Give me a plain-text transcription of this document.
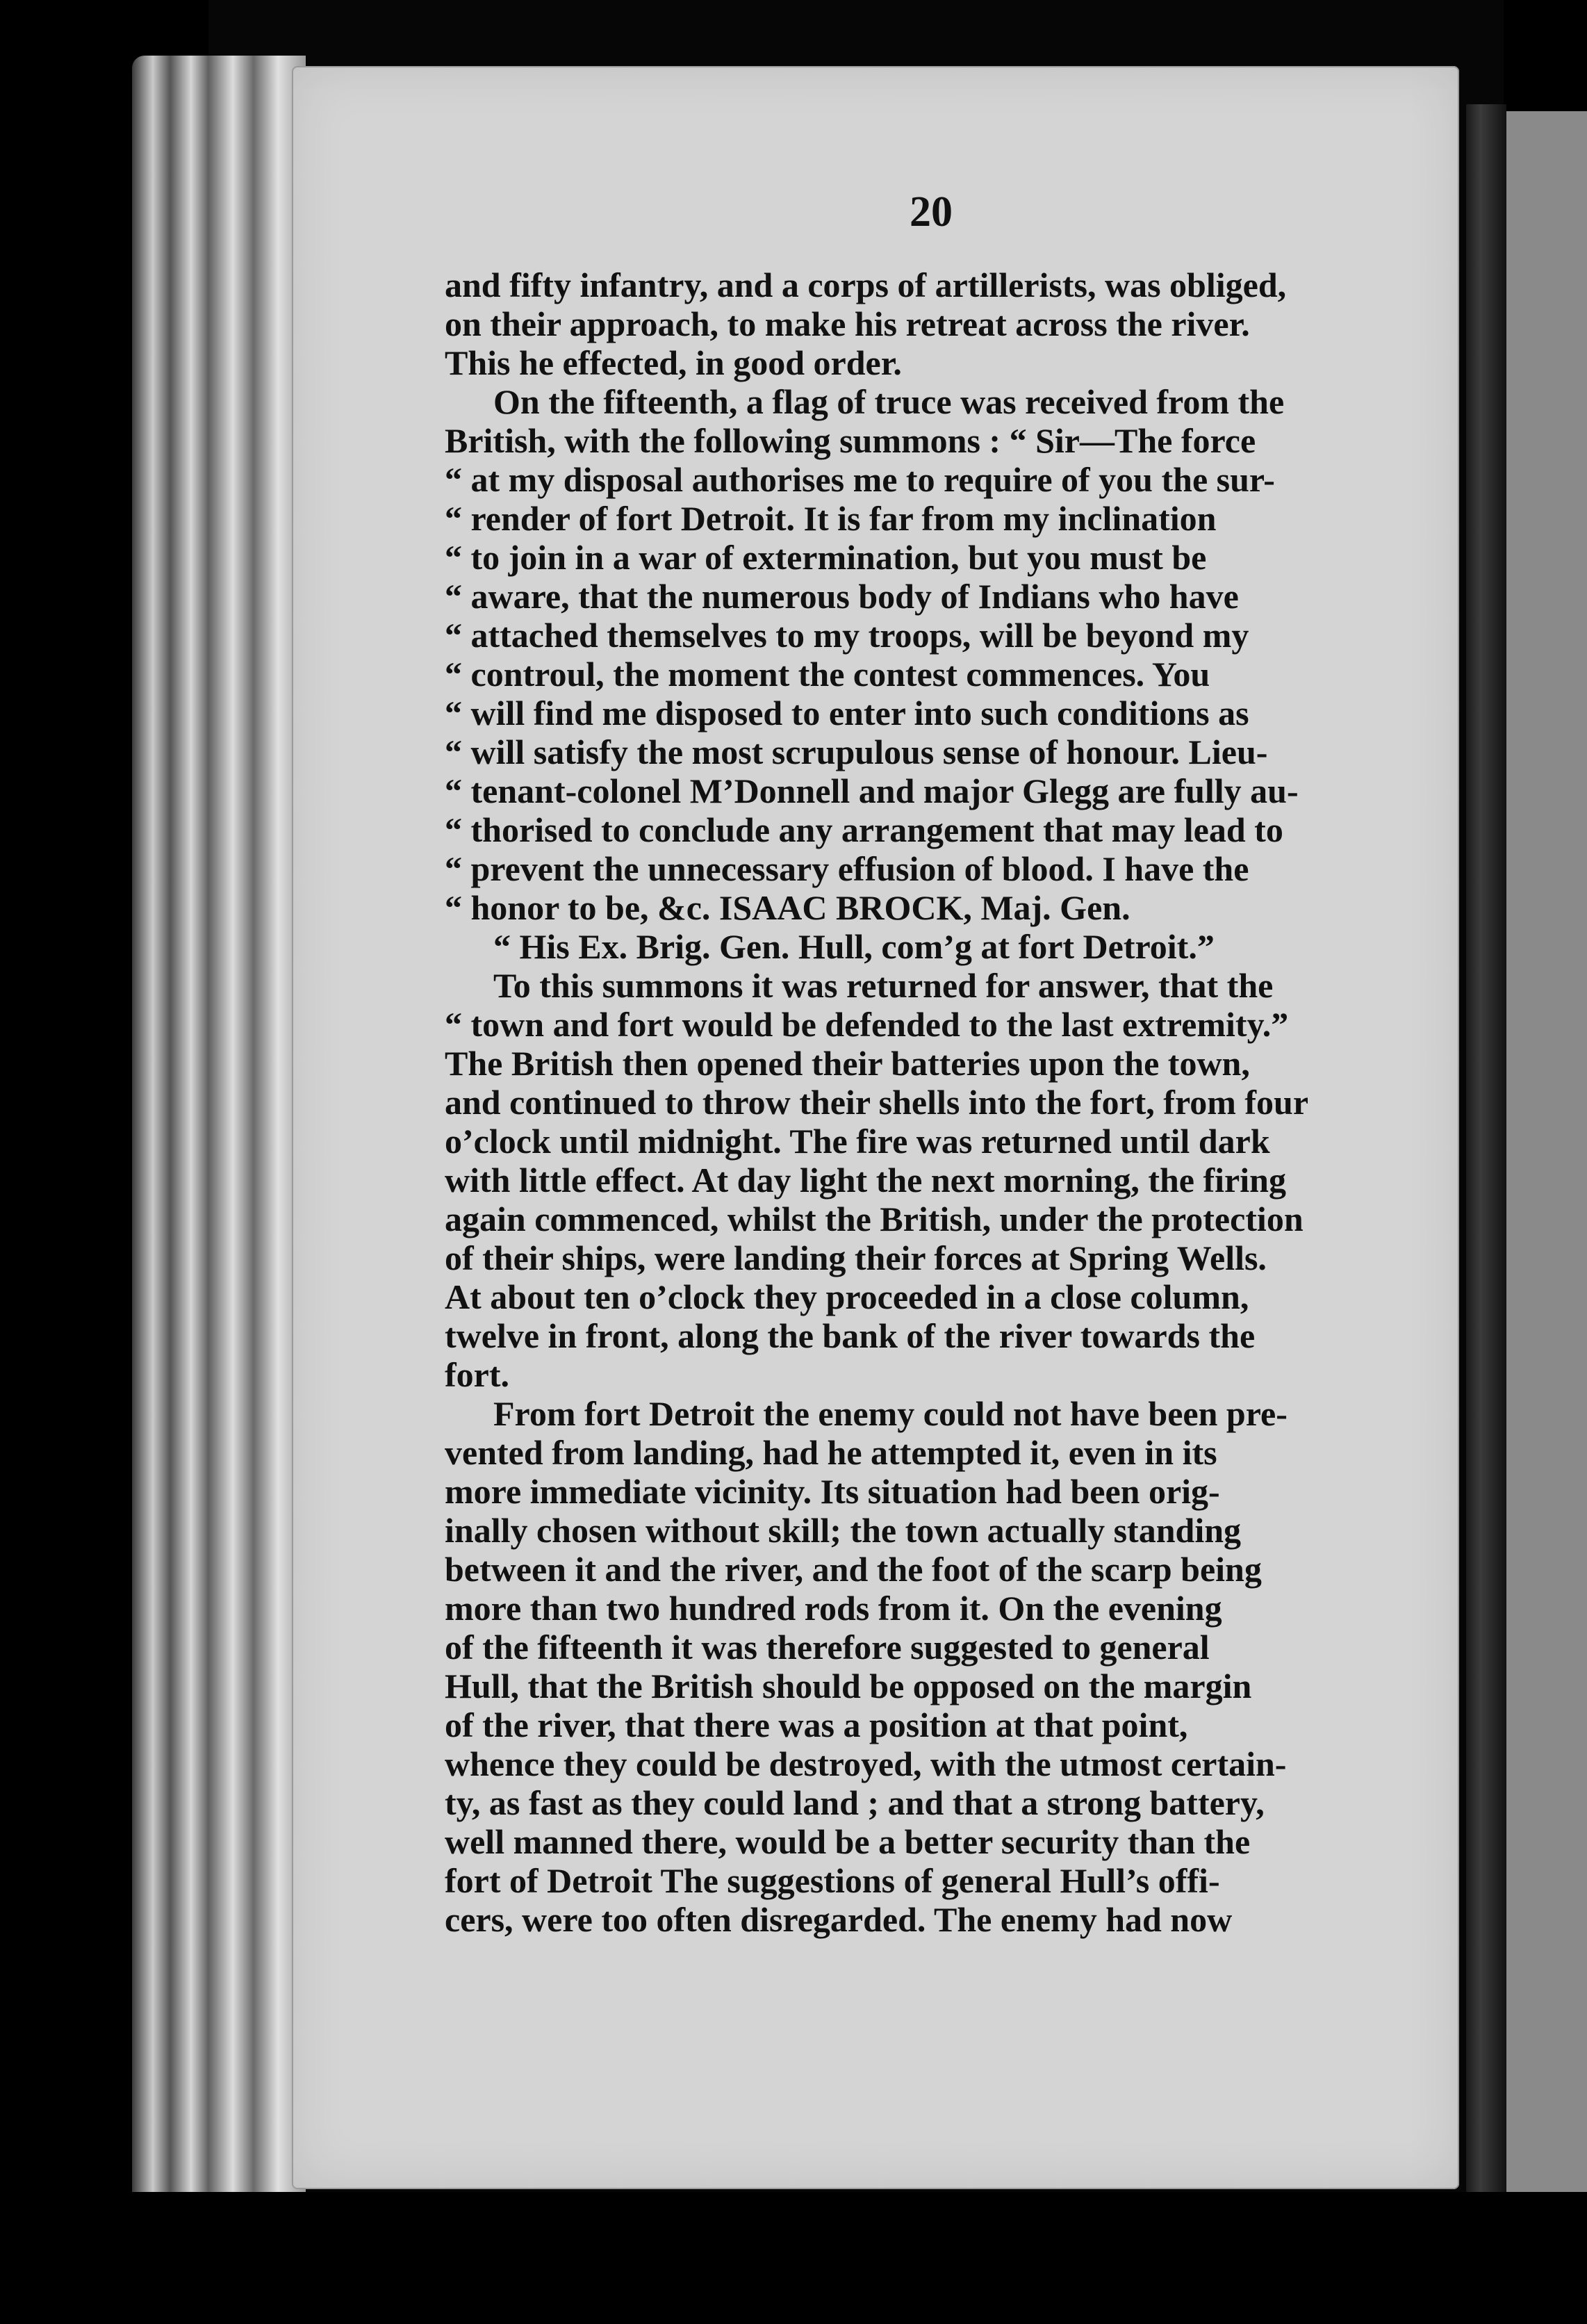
20
and fifty infantry, and a corps of artillerists, was obliged,
on their approach, to make his retreat across the river.
This he effected, in good order.
On the fifteenth, a flag of truce was received from the
British, with the following summons : “ Sir—The force
“ at my disposal authorises me to require of you the sur-
“ render of fort Detroit. It is far from my inclination
“ to join in a war of extermination, but you must be
“ aware, that the numerous body of Indians who have
“ attached themselves to my troops, will be beyond my
“ controul, the moment the contest commences. You
“ will find me disposed to enter into such conditions as
“ will satisfy the most scrupulous sense of honour. Lieu-
“ tenant-colonel M’Donnell and major Glegg are fully au-
“ thorised to conclude any arrangement that may lead to
“ prevent the unnecessary effusion of blood. I have the
“ honor to be, &c. ISAAC BROCK, Maj. Gen.
“ His Ex. Brig. Gen. Hull, com’g at fort Detroit.”
To this summons it was returned for answer, that the
“ town and fort would be defended to the last extremity.”
The British then opened their batteries upon the town,
and continued to throw their shells into the fort, from four
o’clock until midnight. The fire was returned until dark
with little effect. At day light the next morning, the firing
again commenced, whilst the British, under the protection
of their ships, were landing their forces at Spring Wells.
At about ten o’clock they proceeded in a close column,
twelve in front, along the bank of the river towards the
fort.
From fort Detroit the enemy could not have been pre-
vented from landing, had he attempted it, even in its
more immediate vicinity. Its situation had been orig-
inally chosen without skill; the town actually standing
between it and the river, and the foot of the scarp being
more than two hundred rods from it. On the evening
of the fifteenth it was therefore suggested to general
Hull, that the British should be opposed on the margin
of the river, that there was a position at that point,
whence they could be destroyed, with the utmost certain-
ty, as fast as they could land ; and that a strong battery,
well manned there, would be a better security than the
fort of Detroit The suggestions of general Hull’s offi-
cers, were too often disregarded. The enemy had now
